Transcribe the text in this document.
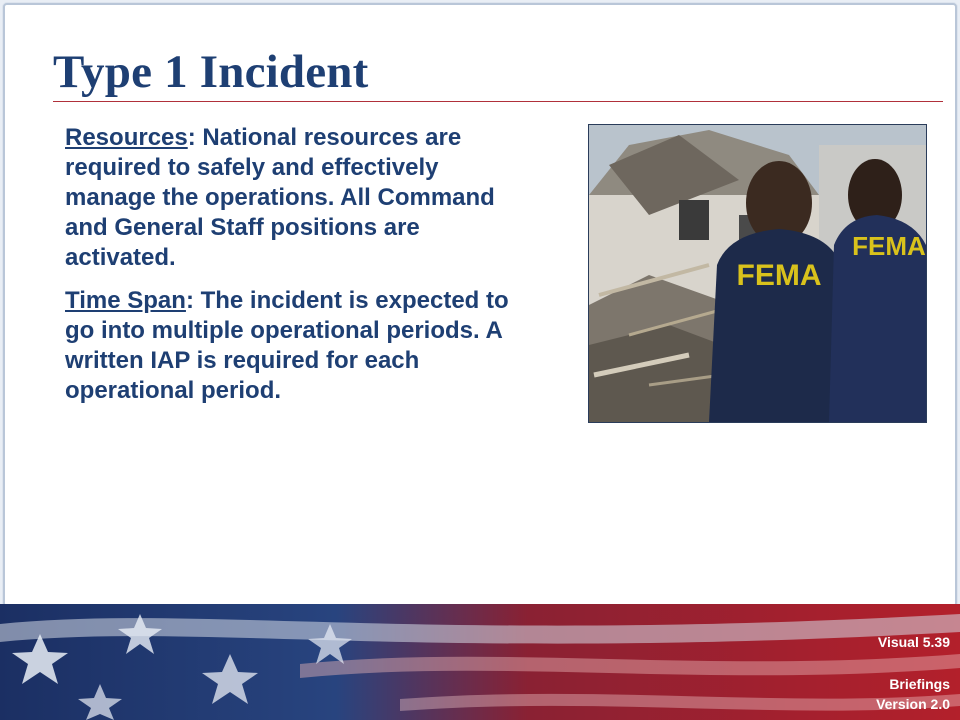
Type 1 Incident

Resources: National resources are required to safely and effectively manage the operations. All Command and General Staff positions are activated.

Time Span: The incident is expected to go into multiple operational periods. A written IAP is required for each operational period.

FEMA
FEMA
Visual 5.39
Briefings
Version 2.0
